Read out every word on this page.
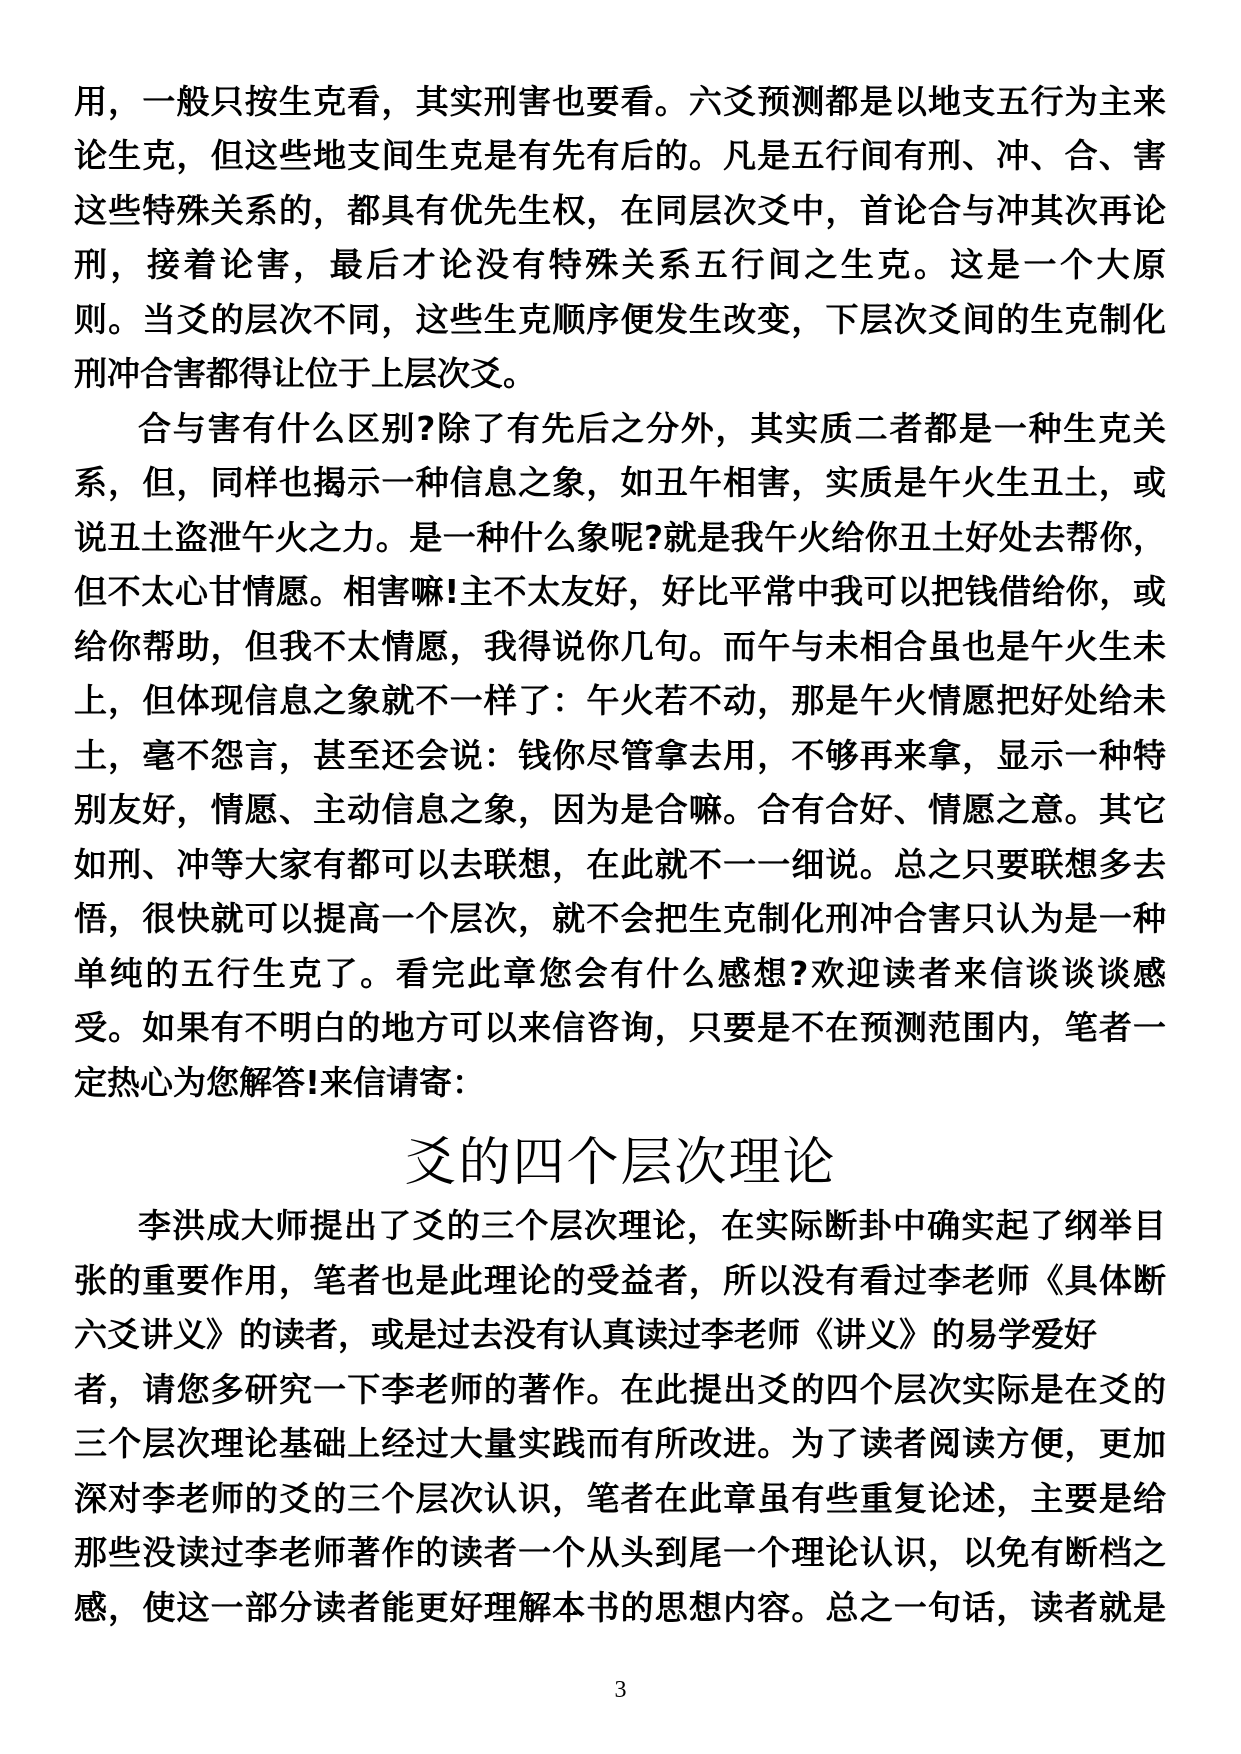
用，一般只按生克看，其实刑害也要看。六爻预测都是以地支五行为主来
论生克，但这些地支间生克是有先有后的。凡是五行间有刑、冲、合、害
这些特殊关系的，都具有优先生权，在同层次爻中，首论合与冲其次再论
刑，接着论害，最后才论没有特殊关系五行间之生克。这是一个大原
则。当爻的层次不同，这些生克顺序便发生改变，下层次爻间的生克制化
刑冲合害都得让位于上层次爻。
合与害有什么区别?除了有先后之分外，其实质二者都是一种生克关
系，但，同样也揭示一种信息之象，如丑午相害，实质是午火生丑土，或
说丑土盗泄午火之力。是一种什么象呢?就是我午火给你丑土好处去帮你，
但不太心甘情愿。相害嘛!主不太友好，好比平常中我可以把钱借给你，或
给你帮助，但我不太情愿，我得说你几句。而午与未相合虽也是午火生未
上，但体现信息之象就不一样了：午火若不动，那是午火情愿把好处给未
土，毫不怨言，甚至还会说：钱你尽管拿去用，不够再来拿，显示一种特
别友好，情愿、主动信息之象，因为是合嘛。合有合好、情愿之意。其它
如刑、冲等大家有都可以去联想，在此就不一一细说。总之只要联想多去
悟，很快就可以提高一个层次，就不会把生克制化刑冲合害只认为是一种
单纯的五行生克了。看完此章您会有什么感想?欢迎读者来信谈谈谈感
受。如果有不明白的地方可以来信咨询，只要是不在预测范围内，笔者一
定热心为您解答!来信请寄：
爻的四个层次理论
李洪成大师提出了爻的三个层次理论，在实际断卦中确实起了纲举目
张的重要作用，笔者也是此理论的受益者，所以没有看过李老师《具体断
六爻讲义》的读者，或是过去没有认真读过李老师《讲义》的易学爱好
者，请您多研究一下李老师的著作。在此提出爻的四个层次实际是在爻的
三个层次理论基础上经过大量实践而有所改进。为了读者阅读方便，更加
深对李老师的爻的三个层次认识，笔者在此章虽有些重复论述，主要是给
那些没读过李老师著作的读者一个从头到尾一个理论认识，以免有断档之
感，使这一部分读者能更好理解本书的思想内容。总之一句话，读者就是
3
